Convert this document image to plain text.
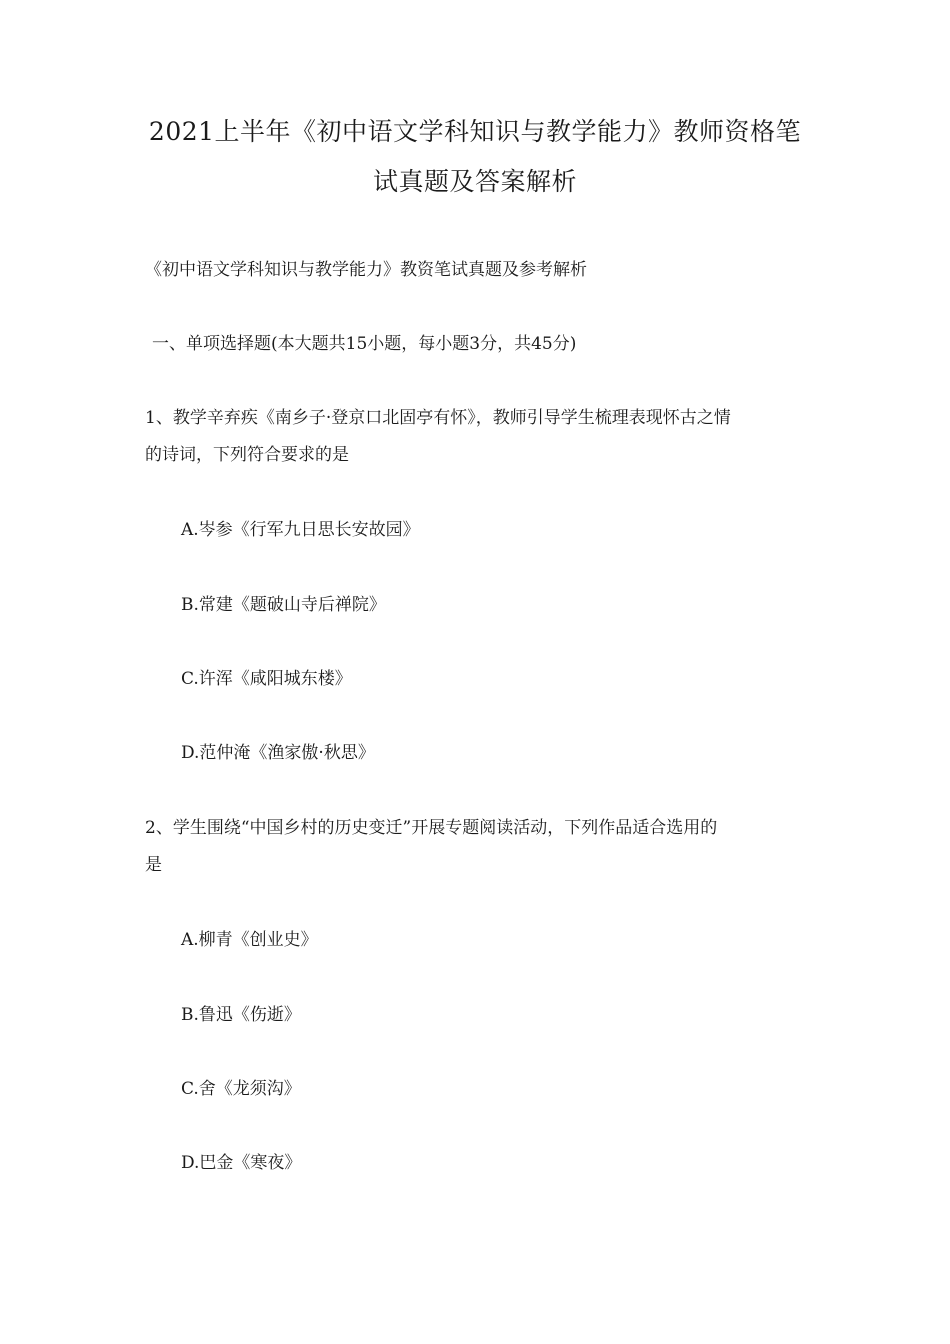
2021上半年《初中语文学科知识与教学能力》教师资格笔
试真题及答案解析
《初中语文学科知识与教学能力》教资笔试真题及参考解析
一、单项选择题(本大题共15小题，每小题3分，共45分)
1、教学辛弃疾《南乡子·登京口北固亭有怀》，教师引导学生梳理表现怀古之情
的诗词，下列符合要求的是
A.岑参《行军九日思长安故园》
B.常建《题破山寺后禅院》
C.许浑《咸阳城东楼》
D.范仲淹《渔家傲·秋思》
2、学生围绕“中国乡村的历史变迁”开展专题阅读活动，下列作品适合选用的
是
A.柳青《创业史》
B.鲁迅《伤逝》
C.舍《龙须沟》
D.巴金《寒夜》
